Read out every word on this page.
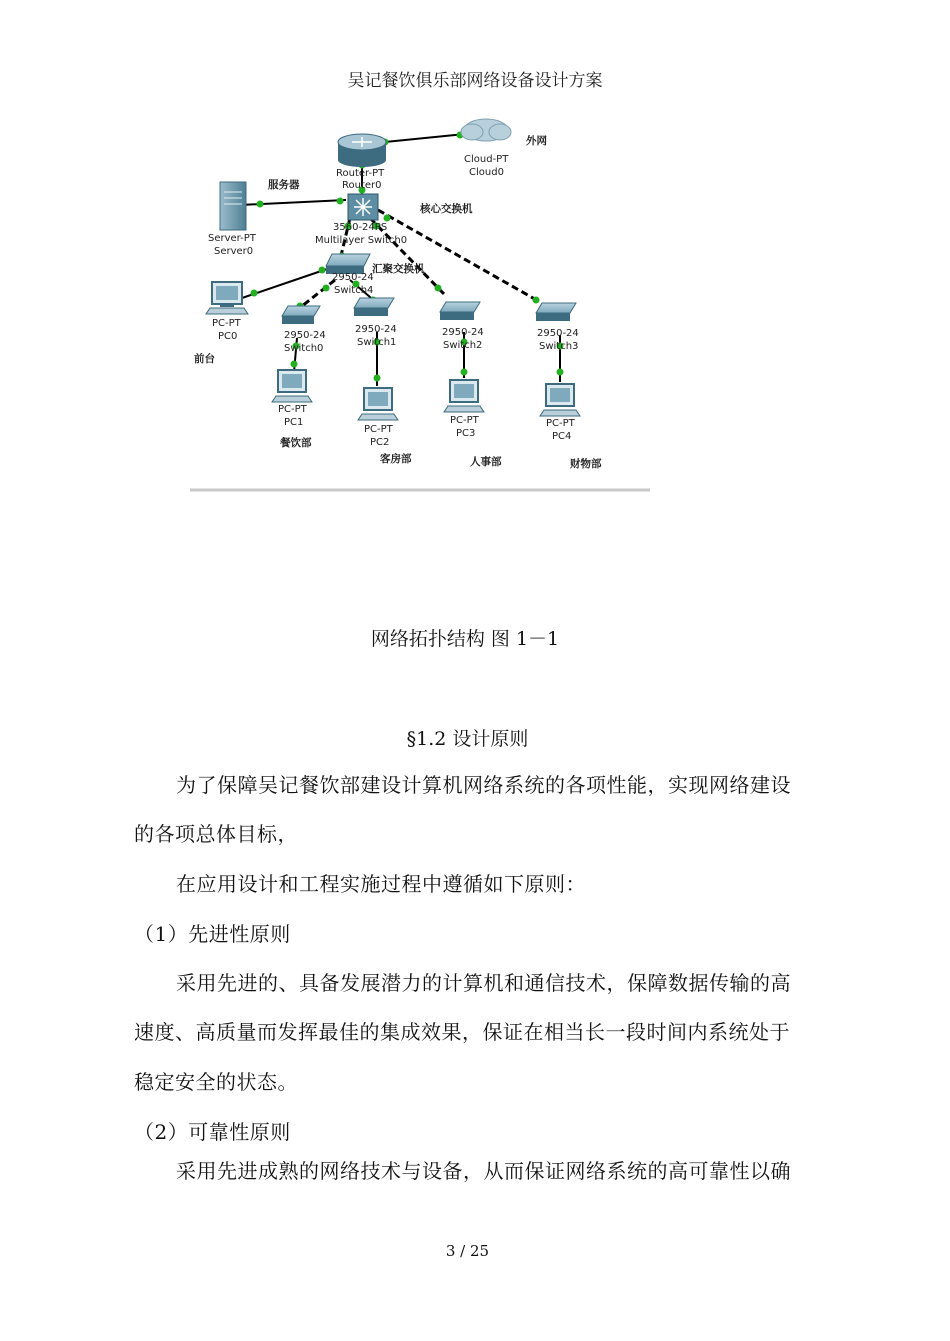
吴记餐饮俱乐部网络设备设计方案
Router-PT
Router0
外网
Cloud-PT
Cloud0
服务器
Server-PT
Server0
核心交换机
3560-24PS
Multilayer Switch0
汇聚交换机
2950-24
Switch4
PC-PT
PC0
前台
2950-24
Switch0
2950-24
Switch1
2950-24
Switch2
2950-24
Switch3
PC-PT
PC1
餐饮部
PC-PT
PC2
客房部
PC-PT
PC3
人事部
PC-PT
PC4
财物部
网络拓扑结构 图 1－1
§1.2 设计原则
为了保障吴记餐饮部建设计算机网络系统的各项性能，实现网络建设
的各项总体目标，
在应用设计和工程实施过程中遵循如下原则：
（1）先进性原则
采用先进的、具备发展潜力的计算机和通信技术，保障数据传输的高
速度、高质量而发挥最佳的集成效果，保证在相当长一段时间内系统处于
稳定安全的状态。
（2）可靠性原则
采用先进成熟的网络技术与设备，从而保证网络系统的高可靠性以确
3 / 25
